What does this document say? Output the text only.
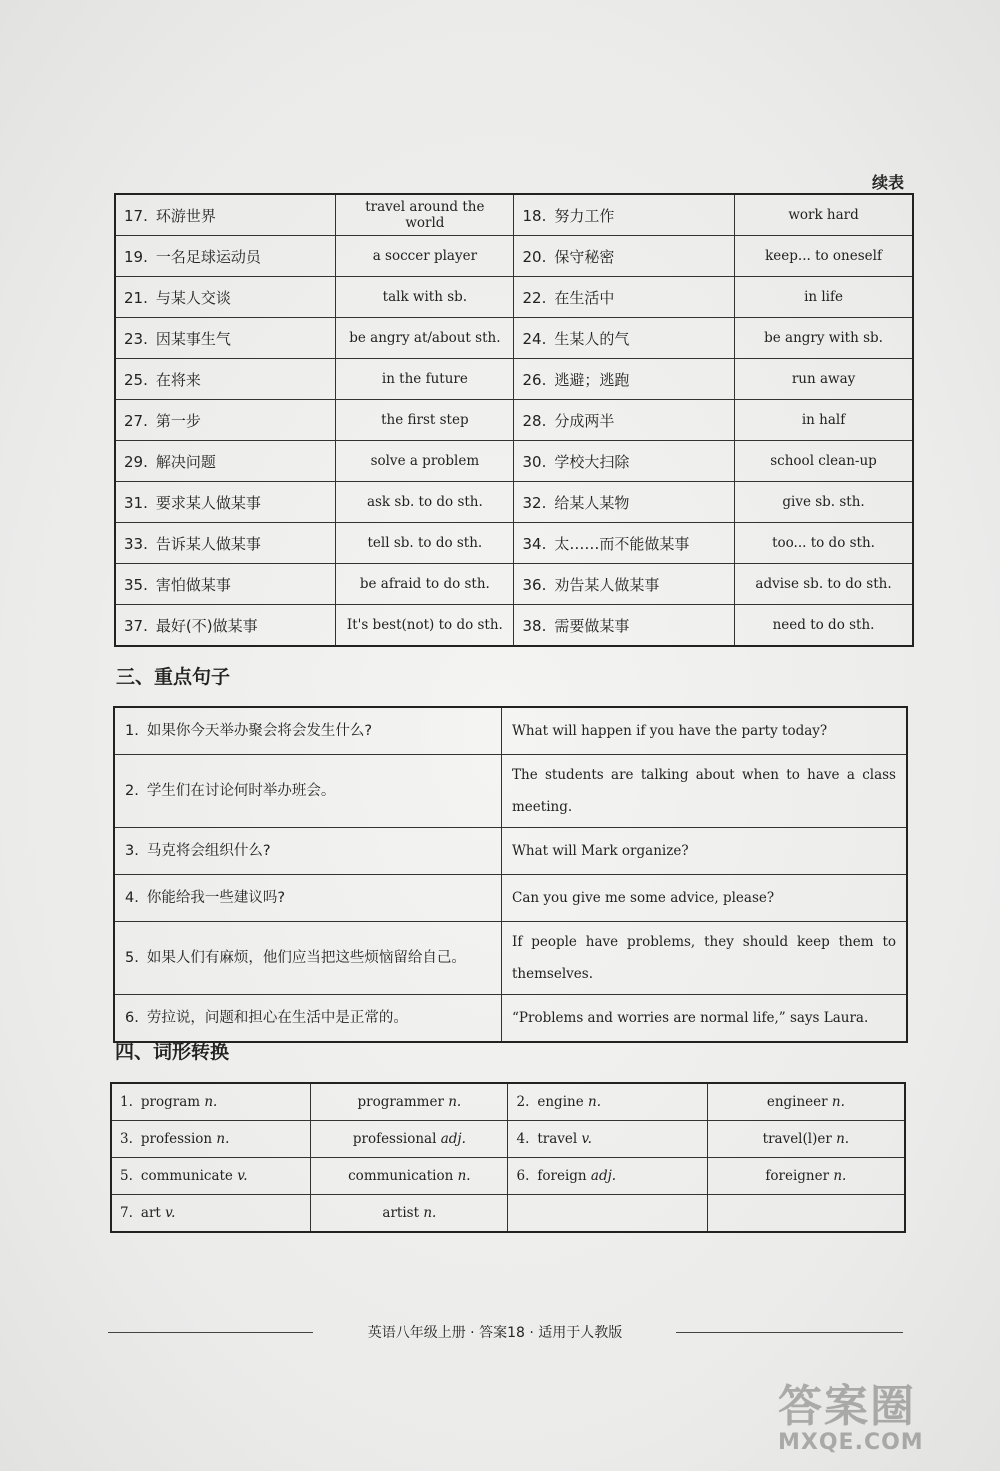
续表
17. 环游世界	travel around the world	18. 努力工作	work hard
19. 一名足球运动员	a soccer player	20. 保守秘密	keep... to oneself
21. 与某人交谈	talk with sb.	22. 在生活中	in life
23. 因某事生气	be angry at/about sth.	24. 生某人的气	be angry with sb.
25. 在将来	in the future	26. 逃避；逃跑	run away
27. 第一步	the first step	28. 分成两半	in half
29. 解决问题	solve a problem	30. 学校大扫除	school clean-up
31. 要求某人做某事	ask sb. to do sth.	32. 给某人某物	give sb. sth.
33. 告诉某人做某事	tell sb. to do sth.	34. 太……而不能做某事	too... to do sth.
35. 害怕做某事	be afraid to do sth.	36. 劝告某人做某事	advise sb. to do sth.
37. 最好(不)做某事	It's best(not) to do sth.	38. 需要做某事	need to do sth.
三、重点句子
1. 如果你今天举办聚会将会发生什么?	What will happen if you have the party today?
2. 学生们在讨论何时举办班会。	The students are talking about when to have a class meeting.
3. 马克将会组织什么?	What will Mark organize?
4. 你能给我一些建议吗?	Can you give me some advice, please?
5. 如果人们有麻烦，他们应当把这些烦恼留给自己。	If people have problems, they should keep them to themselves.
6. 劳拉说，问题和担心在生活中是正常的。	“Problems and worries are normal life,” says Laura.
四、词形转换
1. program n.	programmer n.	2. engine n.	engineer n.
3. profession n.	professional adj.	4. travel v.	travel(l)er n.
5. communicate v.	communication n.	6. foreign adj.	foreigner n.
7. art v.	artist n.		
英语八年级上册 · 答案18 · 适用于人教版
答案圈
MXQE.COM
